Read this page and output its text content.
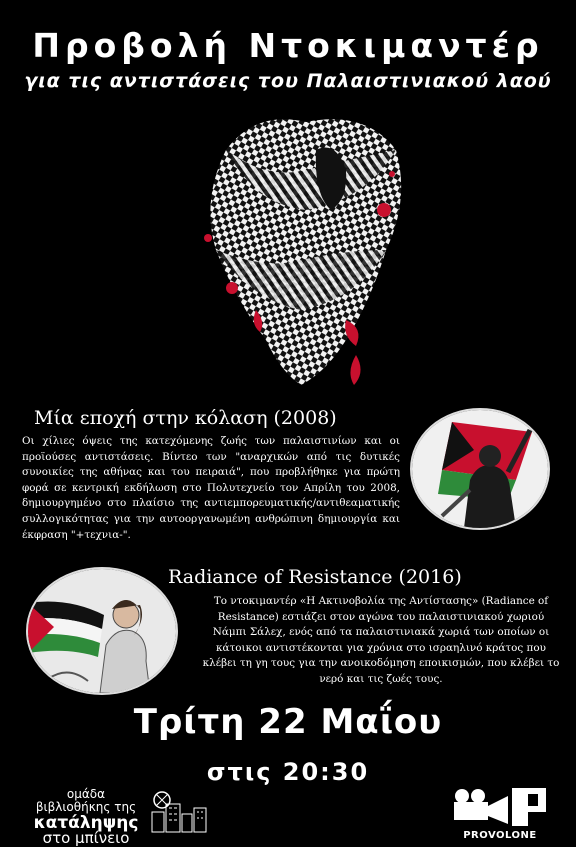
Προβολή Ντοκιμαντέρ
για τις αντιστάσεις του Παλαιστινιακού λαού
Μία εποχή στην κόλαση (2008)
Οι χίλιες όψεις της κατεχόμενης ζωής των παλαιστινίων και οι προϊούσες αντιστάσεις. Βίντεο των "αναρχικών από τις δυτικές συνοικίες της αθήνας και του πειραιά", που προβλήθηκε για πρώτη φορά σε κεντρική εκδήλωση στο Πολυτεχνείο τον Απρίλη του 2008, δημιουργημένο στο πλαίσιο της αντιεμπορευματικής/αντιθεαματικής συλλογικότητας για την αυτοοργανωμένη ανθρώπινη δημιουργία και έκφραση "+τεχνια-".
Radiance of Resistance (2016)
Το ντοκιμαντέρ «Η Ακτινοβολία της Αντίστασης» (Radiance of Resistance) εστιάζει στον αγώνα του παλαιστινιακού χωριού Νάμπι Σάλεχ, ενός από τα παλαιστινιακά χωριά των οποίων οι κάτοικοι αντιστέκονται για χρόνια στο ισραηλινό κράτος που κλέβει τη γη τους για την ανοικοδόμηση εποικισμών, που κλέβει το νερό και τις ζωές τους.
Τρίτη 22 Μαΐου
στις 20:30
ομάδα
βιβλιοθήκης της
κατάληψης
στο μπίνειο	PROVOLONE
